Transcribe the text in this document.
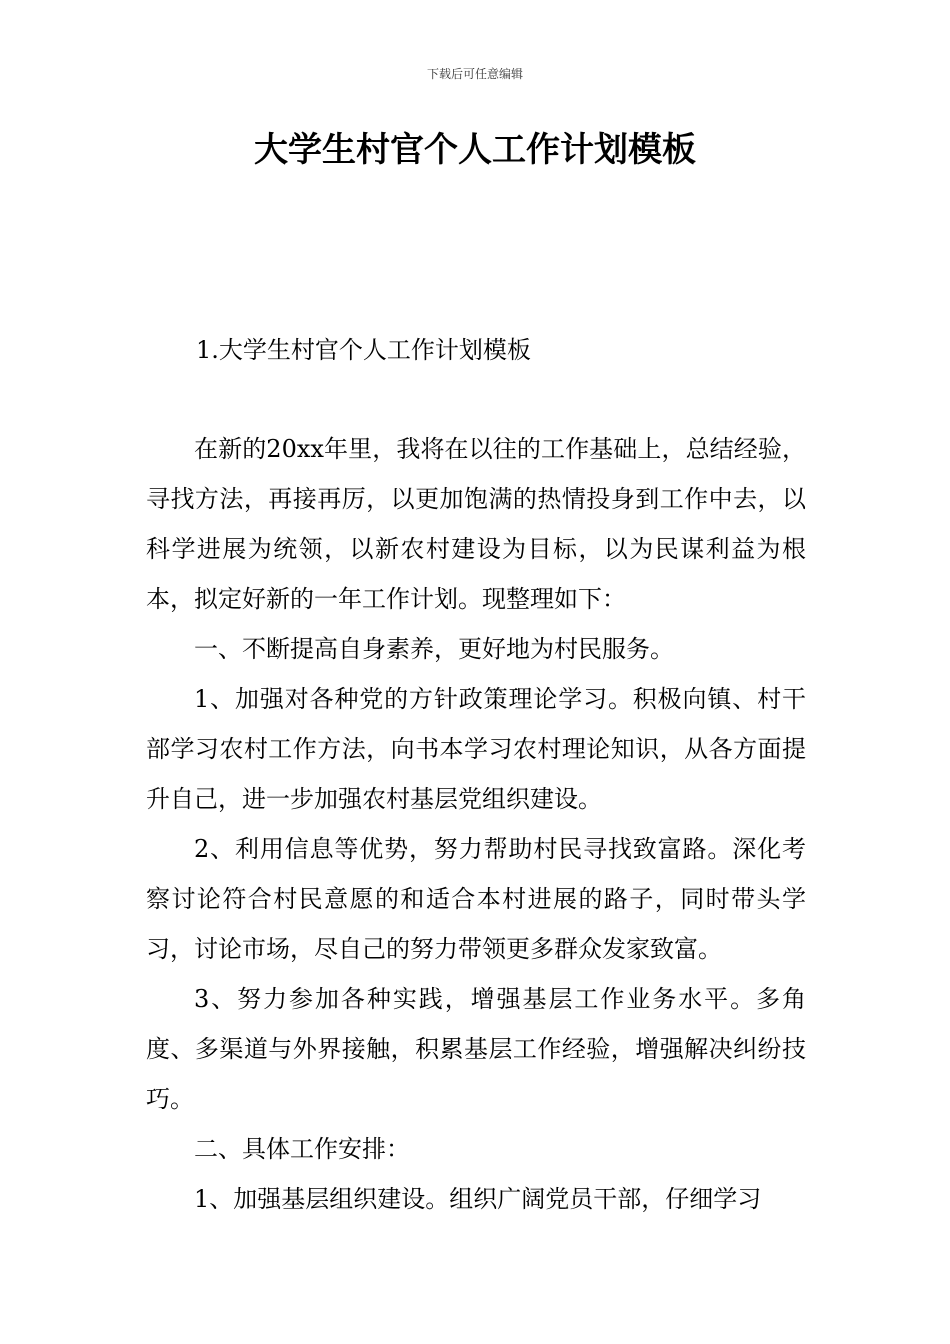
下载后可任意编辑
大学生村官个人工作计划模板
1.大学生村官个人工作计划模板

在新的20xx年里，我将在以往的工作基础上，总结经验，寻找方法，再接再厉，以更加饱满的热情投身到工作中去，以科学进展为统领，以新农村建设为目标，以为民谋利益为根本，拟定好新的一年工作计划。现整理如下：

一、不断提高自身素养，更好地为村民服务。

1、加强对各种党的方针政策理论学习。积极向镇、村干部学习农村工作方法，向书本学习农村理论知识，从各方面提升自己，进一步加强农村基层党组织建设。

2、利用信息等优势，努力帮助村民寻找致富路。深化考察讨论符合村民意愿的和适合本村进展的路子，同时带头学习，讨论市场，尽自己的努力带领更多群众发家致富。

3、努力参加各种实践，增强基层工作业务水平。多角度、多渠道与外界接触，积累基层工作经验，增强解决纠纷技巧。

二、具体工作安排：

1、加强基层组织建设。组织广阔党员干部，仔细学习
